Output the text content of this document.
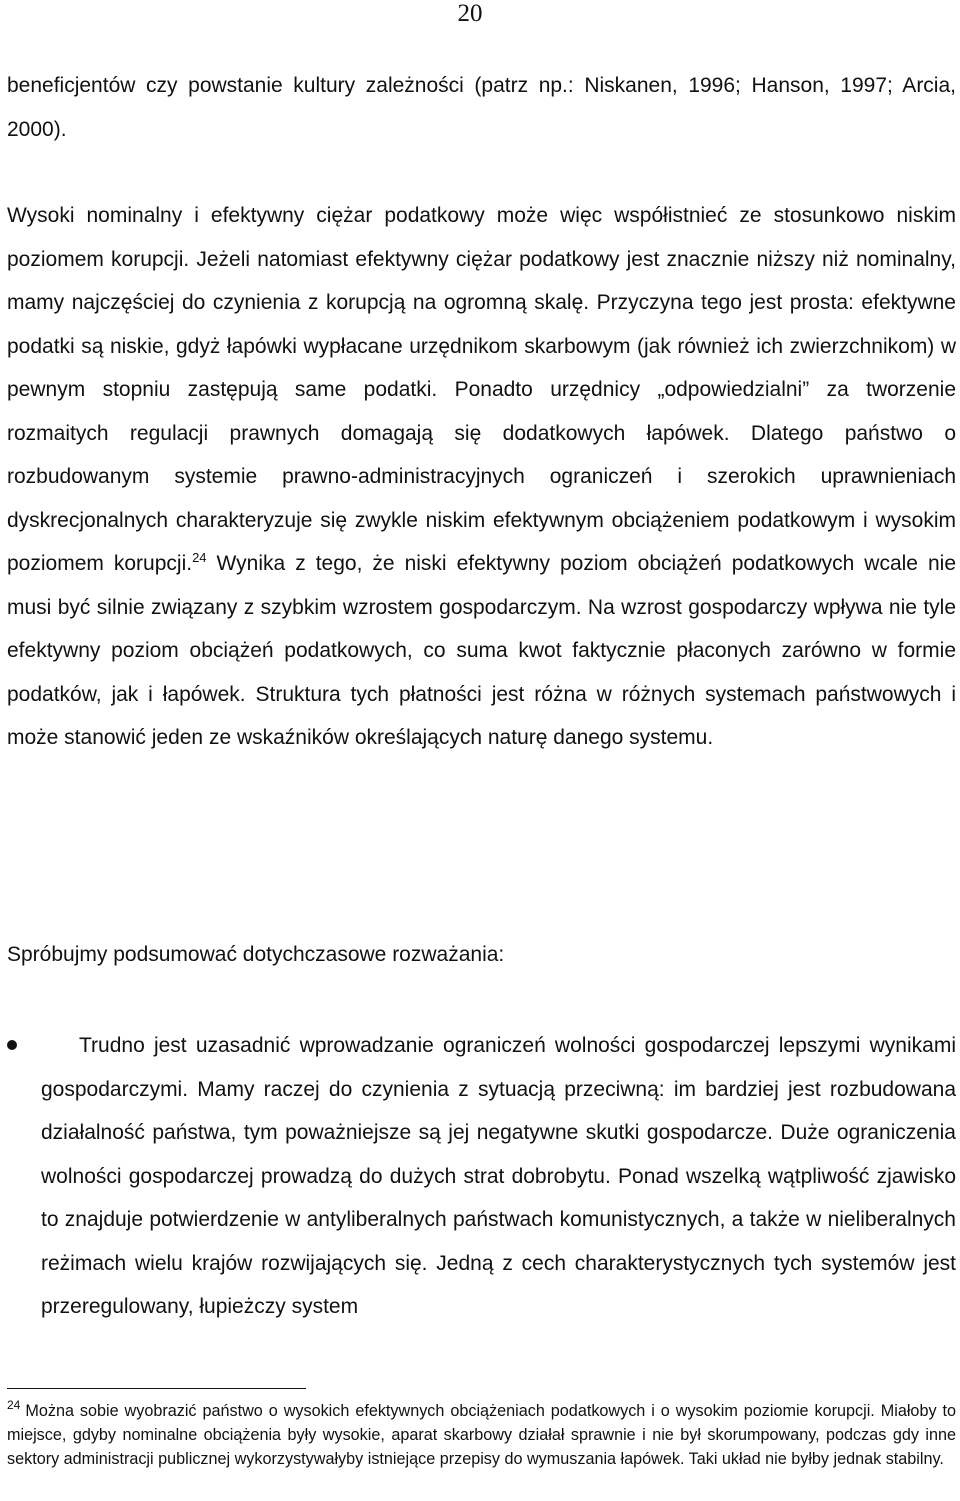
20

beneficjentów czy powstanie kultury zależności (patrz np.: Niskanen, 1996; Hanson, 1997; Arcia, 2000).

Wysoki nominalny i efektywny ciężar podatkowy może więc współistnieć ze stosunkowo niskim poziomem korupcji. Jeżeli natomiast efektywny ciężar podatkowy jest znacznie niższy niż nominalny, mamy najczęściej do czynienia z korupcją na ogromną skalę. Przyczyna tego jest prosta: efektywne podatki są niskie, gdyż łapówki wypłacane urzędnikom skarbowym (jak również ich zwierzchnikom) w pewnym stopniu zastępują same podatki. Ponadto urzędnicy „odpowiedzialni” za tworzenie rozmaitych regulacji prawnych domagają się dodatkowych łapówek. Dlatego państwo o rozbudowanym systemie prawno-administracyjnych ograniczeń i szerokich uprawnieniach dyskrecjonalnych charakteryzuje się zwykle niskim efektywnym obciążeniem podatkowym i wysokim poziomem korupcji.$^{24}$ Wynika z tego, że niski efektywny poziom obciążeń podatkowych wcale nie musi być silnie związany z szybkim wzrostem gospodarczym. Na wzrost gospodarczy wpływa nie tyle efektywny poziom obciążeń podatkowych, co suma kwot faktycznie płaconych zarówno w formie podatków, jak i łapówek. Struktura tych płatności jest różna w różnych systemach państwowych i może stanowić jeden ze wskaźników określających naturę danego systemu.

Spróbujmy podsumować dotychczasowe rozważania:

Trudno jest uzasadnić wprowadzanie ograniczeń wolności gospodarczej lepszymi wynikami gospodarczymi. Mamy raczej do czynienia z sytuacją przeciwną: im bardziej jest rozbudowana działalność państwa, tym poważniejsze są jej negatywne skutki gospodarcze. Duże ograniczenia wolności gospodarczej prowadzą do dużych strat dobrobytu. Ponad wszelką wątpliwość zjawisko to znajduje potwierdzenie w antyliberalnych państwach komunistycznych, a także w nieliberalnych reżimach wielu krajów rozwijających się. Jedną z cech charakterystycznych tych systemów jest przeregulowany, łupieżczy system

$^{24}$ Można sobie wyobrazić państwo o wysokich efektywnych obciążeniach podatkowych i o wysokim poziomie korupcji. Miałoby to miejsce, gdyby nominalne obciążenia były wysokie, aparat skarbowy działał sprawnie i nie był skorumpowany, podczas gdy inne sektory administracji publicznej wykorzystywałyby istniejące przepisy do wymuszania łapówek. Taki układ nie byłby jednak stabilny.
